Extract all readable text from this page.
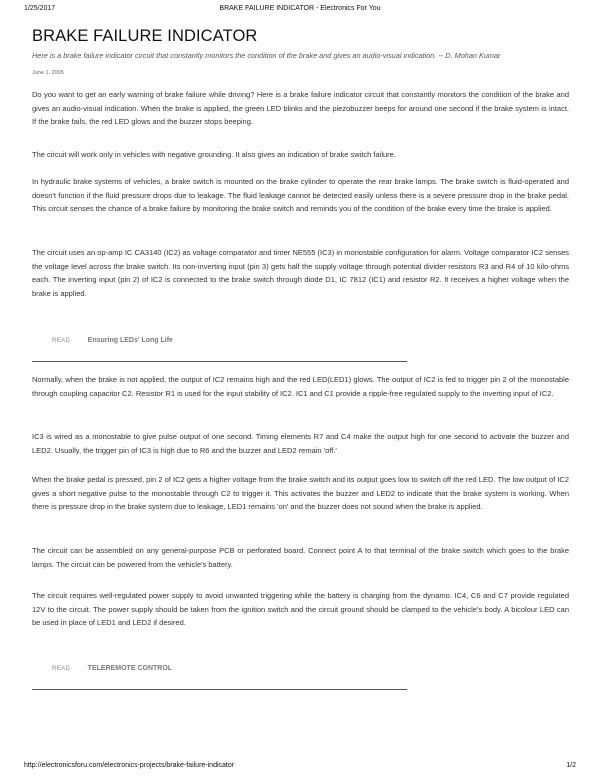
1/25/2017	BRAKE FAILURE INDICATOR - Electronics For You
BRAKE FAILURE INDICATOR

Here is a brake failure indicator circuit that constantly monitors the condition of the brake and gives an audio-visual indication. -- D. Mohan Kumar

June 1, 2005

Do you want to get an early warning of brake failure while driving? Here is a brake failure indicator circuit that constantly monitors the condition of the brake and gives an audio-visual indication. When the brake is applied, the green LED blinks and the piezobuzzer beeps for around one second if the brake system is intact. If the brake fails, the red LED glows and the buzzer stops beeping.

The circuit will work only in vehicles with negative grounding. It also gives an indication of brake switch failure.

In hydraulic brake systems of vehicles, a brake switch is mounted on the brake cylinder to operate the rear brake lamps. The brake switch is fluid-operated and doesn't function if the fluid pressure drops due to leakage. The fluid leakage cannot be detected easily unless there is a severe pressure drop in the brake pedal. This circuit senses the chance of a brake failure by monitoring the brake switch and reminds you of the condition of the brake every time the brake is applied.

The circuit uses an op-amp IC CA3140 (IC2) as voltage comparator and timer NE555 (IC3) in monostable configuration for alarm. Voltage comparator IC2 senses the voltage level across the brake switch. Its non-inverting input (pin 3) gets half the supply voltage through potential divider resistors R3 and R4 of 10 kilo-ohms each. The inverting input (pin 2) of IC2 is connected to the brake switch through diode D1, IC 7812 (IC1) and resistor R2. It receives a higher voltage when the brake is applied.

READ Ensuring LEDs' Long Life

Normally, when the brake is not applied, the output of IC2 remains high and the red LED(LED1) glows. The output of IC2 is fed to trigger pin 2 of the monostable through coupling capacitor C2. Resistor R1 is used for the input stability of IC2. IC1 and C1 provide a ripple-free regulated supply to the inverting input of IC2.

IC3 is wired as a monostable to give pulse output of one second. Timing elements R7 and C4 make the output high for one second to activate the buzzer and LED2. Usually, the trigger pin of IC3 is high due to R6 and the buzzer and LED2 remain 'off.'

When the brake pedal is pressed, pin 2 of IC2 gets a higher voltage from the brake switch and its output goes low to switch off the red LED. The low output of IC2 gives a short negative pulse to the monostable through C2 to trigger it. This activates the buzzer and LED2 to indicate that the brake system is working. When there is pressure drop in the brake system due to leakage, LED1 remains 'on' and the buzzer does not sound when the brake is applied.

The circuit can be assembled on any general-purpose PCB or perforated board. Connect point A to that terminal of the brake switch which goes to the brake lamps. The circuit can be powered from the vehicle's battery.

The circuit requires well-regulated power supply to avoid unwanted triggering while the battery is charging from the dynamo. IC4, C6 and C7 provide regulated 12V to the circuit. The power supply should be taken from the ignition switch and the circuit ground should be clamped to the vehicle's body. A bicolour LED can be used in place of LED1 and LED2 if desired.

READ TELEREMOTE CONTROL
http://electronicsforu.com/electronics-projects/brake-failure-indicator	1/2
